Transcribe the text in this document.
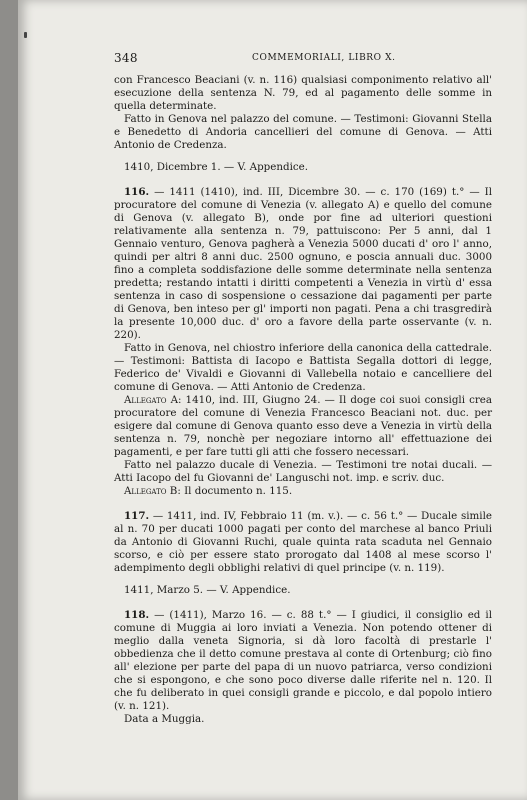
348	COMMEMORIALI, LIBRO X.

con Francesco Beaciani (v. n. 116) qualsiasi componimento relativo all' esecuzione della sentenza N. 79, ed al pagamento delle somme in quella determinate.

Fatto in Genova nel palazzo del comune. — Testimoni: Giovanni Stella e Benedetto di Andoria cancellieri del comune di Genova. — Atti Antonio de Credenza.

1410, Dicembre 1. — V. Appendice.

116. — 1411 (1410), ind. III, Dicembre 30. — c. 170 (169) t.° — Il procuratore del comune di Venezia (v. allegato A) e quello del comune di Genova (v. allegato B), onde por fine ad ulteriori questioni relativamente alla sentenza n. 79, pattuiscono: Per 5 anni, dal 1 Gennaio venturo, Genova pagherà a Venezia 5000 ducati d' oro l' anno, quindi per altri 8 anni duc. 2500 ognuno, e poscia annuali duc. 3000 fino a completa soddisfazione delle somme determinate nella sentenza predetta; restando intatti i diritti competenti a Venezia in virtù d' essa sentenza in caso di sospensione o cessazione dai pagamenti per parte di Genova, ben inteso per gl' importi non pagati. Pena a chi trasgredirà la presente 10,000 duc. d' oro a favore della parte osservante (v. n. 220).

Fatto in Genova, nel chiostro inferiore della canonica della cattedrale. — Testimoni: Battista di Iacopo e Battista Segalla dottori di legge, Federico de' Vivaldi e Giovanni di Vallebella notaio e cancelliere del comune di Genova. — Atti Antonio de Credenza.

Allegato A: 1410, ind. III, Giugno 24. — Il doge coi suoi consigli crea procuratore del comune di Venezia Francesco Beaciani not. duc. per esigere dal comune di Genova quanto esso deve a Venezia in virtù della sentenza n. 79, nonchè per negoziare intorno all' effettuazione dei pagamenti, e per fare tutti gli atti che fossero necessari.

Fatto nel palazzo ducale di Venezia. — Testimoni tre notai ducali. — Atti Iacopo del fu Giovanni de' Languschi not. imp. e scriv. duc.

Allegato B: Il documento n. 115.

117. — 1411, ind. IV, Febbraio 11 (m. v.). — c. 56 t.° — Ducale simile al n. 70 per ducati 1000 pagati per conto del marchese al banco Priuli da Antonio di Giovanni Ruchi, quale quinta rata scaduta nel Gennaio scorso, e ciò per essere stato prorogato dal 1408 al mese scorso l' adempimento degli obblighi relativi di quel principe (v. n. 119).

1411, Marzo 5. — V. Appendice.

118. — (1411), Marzo 16. — c. 88 t.° — I giudici, il consiglio ed il comune di Muggia ai loro inviati a Venezia. Non potendo ottener di meglio dalla veneta Signoria, si dà loro facoltà di prestarle l' obbedienza che il detto comune prestava al conte di Ortenburg; ciò fino all' elezione per parte del papa di un nuovo patriarca, verso condizioni che si espongono, e che sono poco diverse dalle riferite nel n. 120. Il che fu deliberato in quei consigli grande e piccolo, e dal popolo intiero (v. n. 121).

Data a Muggia.
